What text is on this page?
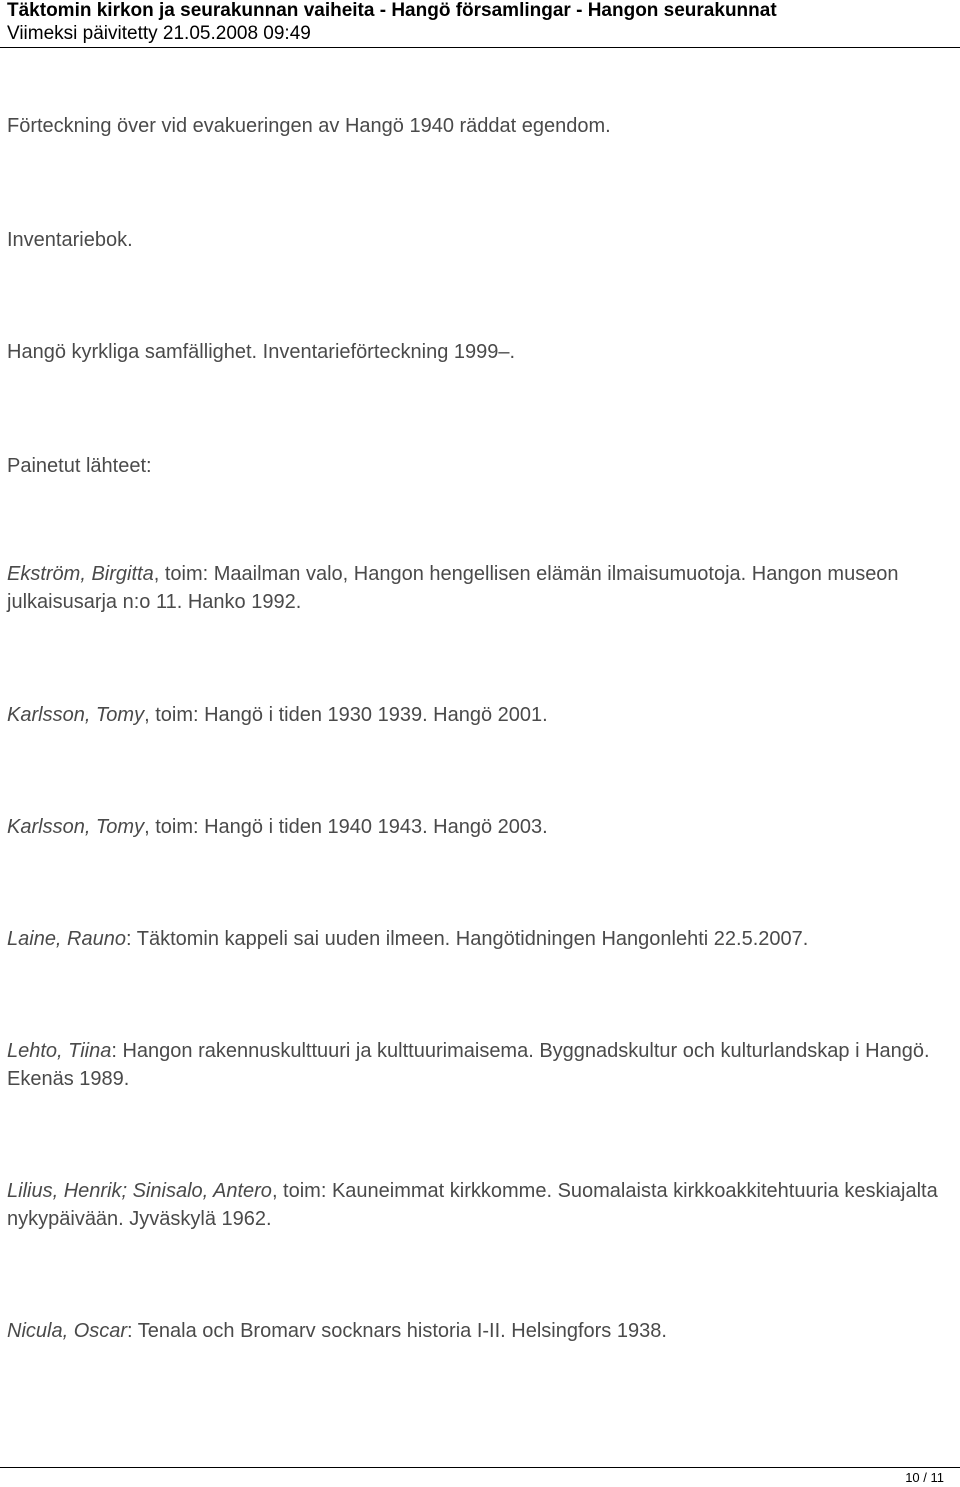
Täktomin kirkon ja seurakunnan vaiheita - Hangö församlingar - Hangon seurakunnat
Viimeksi päivitetty 21.05.2008 09:49

Förteckning över vid evakueringen av Hangö 1940 räddat egendom.

Inventariebok.

Hangö kyrkliga samfällighet. Inventarieförteckning 1999–.

Painetut lähteet:

Ekström, Birgitta, toim: Maailman valo, Hangon hengellisen elämän ilmaisumuotoja. Hangon museon julkaisusarja n:o 11. Hanko 1992.

Karlsson, Tomy, toim: Hangö i tiden 1930 1939. Hangö 2001.

Karlsson, Tomy, toim: Hangö i tiden 1940 1943. Hangö 2003.

Laine, Rauno: Täktomin kappeli sai uuden ilmeen. Hangötidningen Hangonlehti 22.5.2007.

Lehto, Tiina: Hangon rakennuskulttuuri ja kulttuurimaisema. Byggnadskultur och kulturlandskap i Hangö. Ekenäs 1989.

Lilius, Henrik; Sinisalo, Antero, toim: Kauneimmat kirkkomme. Suomalaista kirkkoakkitehtuuria keskiajalta nykypäivään. Jyväskylä 1962.

Nicula, Oscar: Tenala och Bromarv socknars historia I-II. Helsingfors 1938.

10 / 11
